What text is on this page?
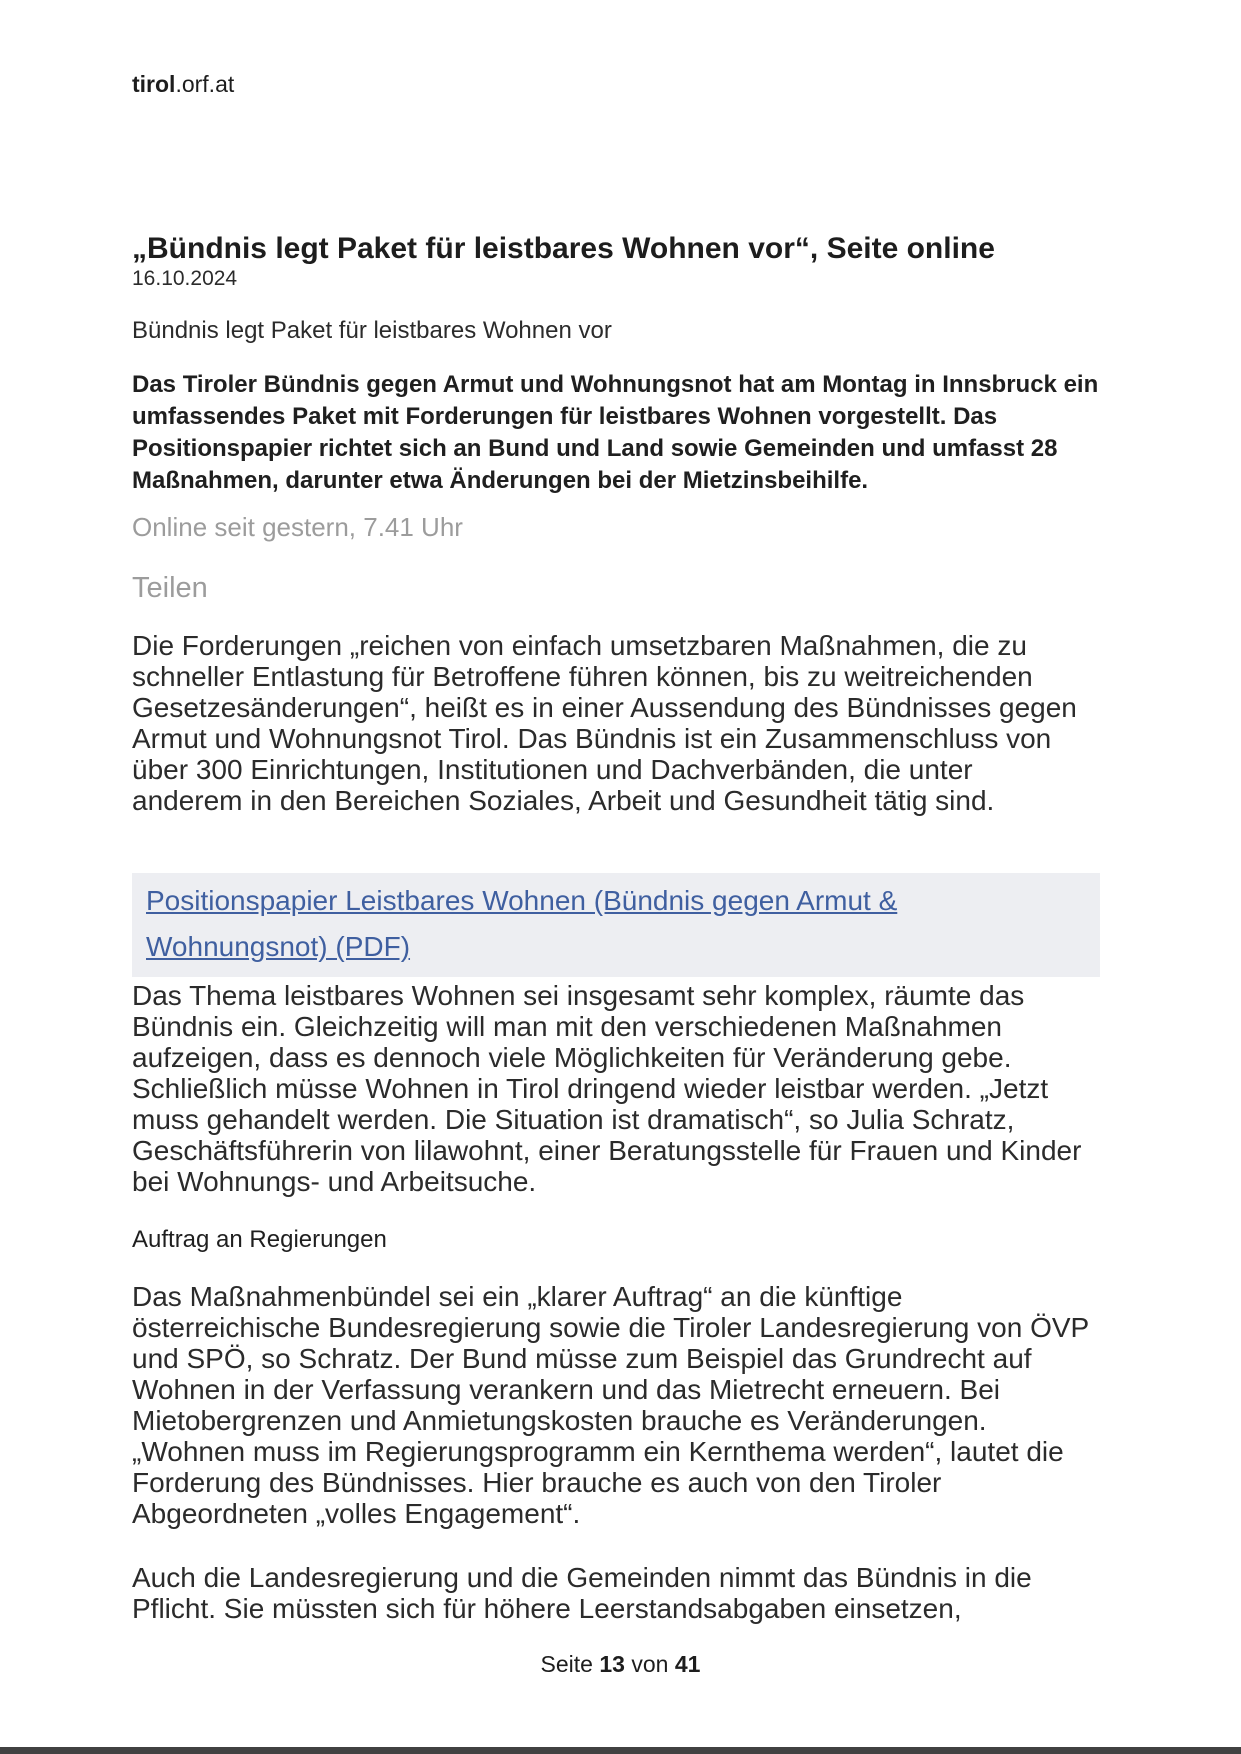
tirol.orf.at
„Bündnis legt Paket für leistbares Wohnen vor“, Seite online
16.10.2024
Bündnis legt Paket für leistbares Wohnen vor
Das Tiroler Bündnis gegen Armut und Wohnungsnot hat am Montag in Innsbruck ein umfassendes Paket mit Forderungen für leistbares Wohnen vorgestellt. Das Positionspapier richtet sich an Bund und Land sowie Gemeinden und umfasst 28 Maßnahmen, darunter etwa Änderungen bei der Mietzinsbeihilfe.
Online seit gestern, 7.41 Uhr
Teilen

Die Forderungen „reichen von einfach umsetzbaren Maßnahmen, die zu schneller Entlastung für Betroffene führen können, bis zu weitreichenden Gesetzesänderungen“, heißt es in einer Aussendung des Bündnisses gegen Armut und Wohnungsnot Tirol. Das Bündnis ist ein Zusammenschluss von über 300 Einrichtungen, Institutionen und Dachverbänden, die unter anderem in den Bereichen Soziales, Arbeit und Gesundheit tätig sind.

Positionspapier Leistbares Wohnen (Bündnis gegen Armut & Wohnungsnot) (PDF)

Das Thema leistbares Wohnen sei insgesamt sehr komplex, räumte das Bündnis ein. Gleichzeitig will man mit den verschiedenen Maßnahmen aufzeigen, dass es dennoch viele Möglichkeiten für Veränderung gebe. Schließlich müsse Wohnen in Tirol dringend wieder leistbar werden. „Jetzt muss gehandelt werden. Die Situation ist dramatisch“, so Julia Schratz, Geschäftsführerin von lilawohnt, einer Beratungsstelle für Frauen und Kinder bei Wohnungs- und Arbeitsuche.

Auftrag an Regierungen

Das Maßnahmenbündel sei ein „klarer Auftrag“ an die künftige österreichische Bundesregierung sowie die Tiroler Landesregierung von ÖVP und SPÖ, so Schratz. Der Bund müsse zum Beispiel das Grundrecht auf Wohnen in der Verfassung verankern und das Mietrecht erneuern. Bei Mietobergrenzen und Anmietungskosten brauche es Veränderungen. „Wohnen muss im Regierungsprogramm ein Kernthema werden“, lautet die Forderung des Bündnisses. Hier brauche es auch von den Tiroler Abgeordneten „volles Engagement“.

Auch die Landesregierung und die Gemeinden nimmt das Bündnis in die Pflicht. Sie müssten sich für höhere Leerstandsabgaben einsetzen,

Seite 13 von 41
